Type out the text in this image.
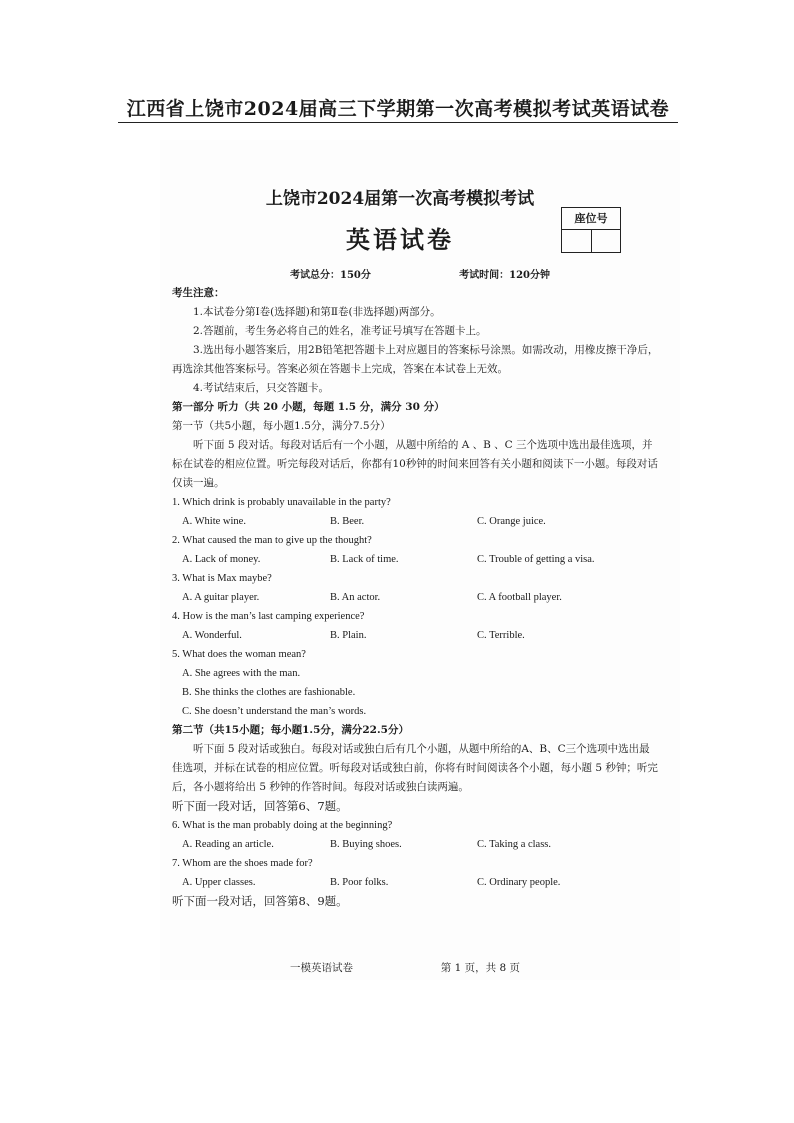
江西省上饶市2024届高三下学期第一次高考模拟考试英语试卷
上饶市2024届第一次高考模拟考试
英语试卷
座位号
考试总分：150分	考试时间：120分钟

考生注意：

1.本试卷分第Ⅰ卷(选择题)和第Ⅱ卷(非选择题)两部分。

2.答题前，考生务必将自己的姓名，准考证号填写在答题卡上。

3.选出每小题答案后，用2B铅笔把答题卡上对应题目的答案标号涂黑。如需改动，用橡皮擦干净后，再选涂其他答案标号。答案必须在答题卡上完成，答案在本试卷上无效。

4.考试结束后，只交答题卡。

第一部分 听力（共 20 小题，每题 1.5 分，满分 30 分）

第一节（共5小题，每小题1.5分，满分7.5分）

听下面 5 段对话。每段对话后有一个小题，从题中所给的 A 、B 、C 三个选项中选出最佳选项，并标在试卷的相应位置。听完每段对话后，你都有10秒钟的时间来回答有关小题和阅读下一小题。每段对话仅读一遍。

1. Which drink is probably unavailable in the party?

A. White wine.	B. Beer.	C. Orange juice.

2. What caused the man to give up the thought?

A. Lack of money.	B. Lack of time.	C. Trouble of getting a visa.

3. What is Max maybe?

A. A guitar player.	B. An actor.	C. A football player.

4. How is the man’s last camping experience?

A. Wonderful.	B. Plain.	C. Terrible.

5. What does the woman mean?

A. She agrees with the man.
B. She thinks the clothes are fashionable.
C. She doesn’t understand the man’s words.

第二节（共15小题；每小题1.5分，满分22.5分）

听下面 5 段对话或独白。每段对话或独白后有几个小题，从题中所给的A、B、C三个选项中选出最佳选项，并标在试卷的相应位置。听每段对话或独白前，你将有时间阅读各个小题，每小题 5 秒钟；听完后，各小题将给出 5 秒钟的作答时间。每段对话或独白读两遍。

听下面一段对话，回答第6、7题。

6. What is the man probably doing at the beginning?

A. Reading an article.	B. Buying shoes.	C. Taking a class.

7. Whom are the shoes made for?

A. Upper classes.	B. Poor folks.	C. Ordinary people.

听下面一段对话，回答第8、9题。

一模英语试卷	第 1 页，共 8 页
